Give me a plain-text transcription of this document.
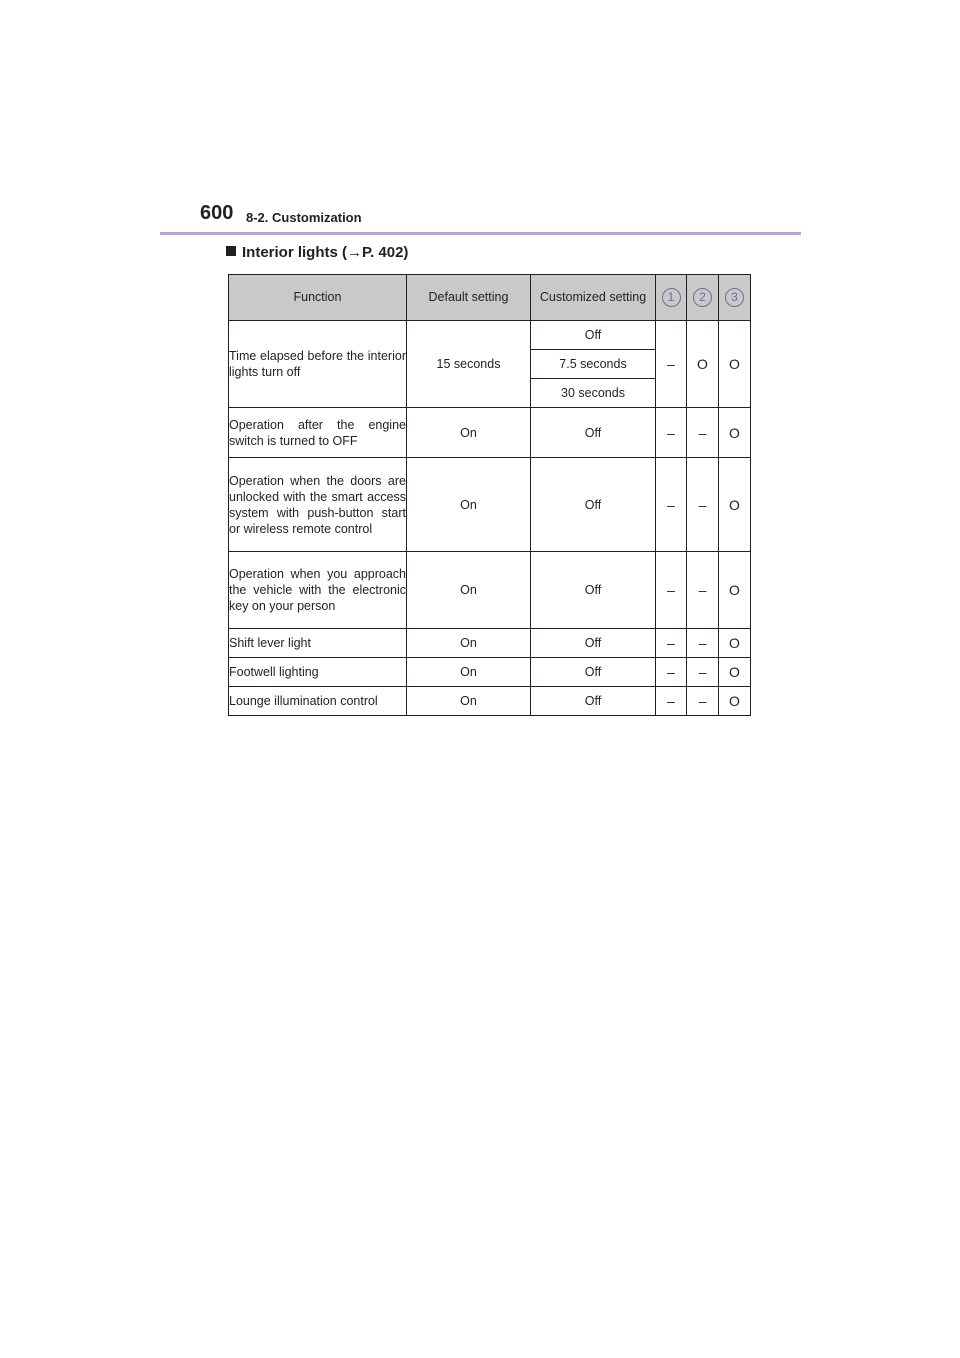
600 8-2. Customization
Interior lights (→P. 402)
Function	Default setting	Customized setting	1	2	3
Time elapsed before the interior lights turn off	15 seconds	Off	–	O	O
		7.5 seconds			
		30 seconds			
Operation after the engine switch is turned to OFF	On	Off	–	–	O
Operation when the doors are unlocked with the smart access system with push-button start or wireless remote control	On	Off	–	–	O
Operation when you approach the vehicle with the electronic key on your person	On	Off	–	–	O
Shift lever light	On	Off	–	–	O
Footwell lighting	On	Off	–	–	O
Lounge illumination control	On	Off	–	–	O
